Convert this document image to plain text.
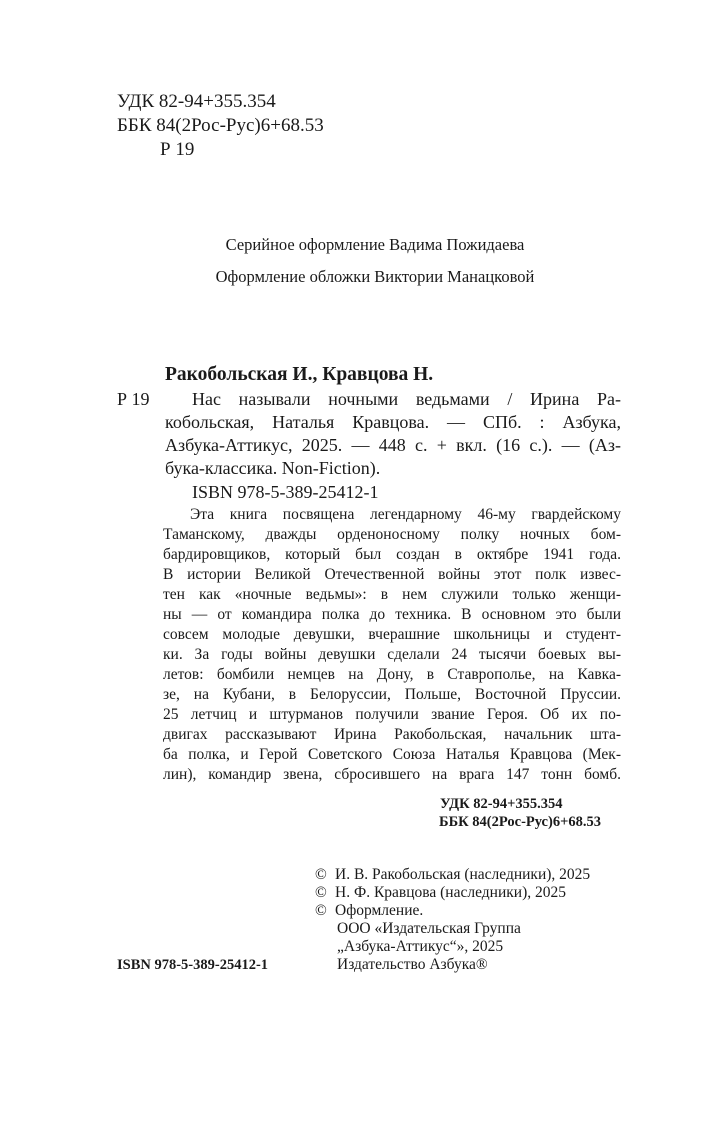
УДК 82-94+355.354
ББК 84(2Рос-Рус)6+68.53
Р 19
Серийное оформление Вадима Пожидаева
Оформление обложки Виктории Манацковой
Ракобольская И., Кравцова Н.
Р 19 Нас называли ночными ведьмами / Ирина Ра-
кобольская, Наталья Кравцова. — СПб. : Азбука,
Азбука-Аттикус, 2025. — 448 с. + вкл. (16 с.). — (Аз-
бука-классика. Non-Fiction).
ISBN 978-5-389-25412-1
Эта книга посвящена легендарному 46-му гвардейскому
Таманскому, дважды орденоносному полку ночных бом-
бардировщиков, который был создан в октябре 1941 года.
В истории Великой Отечественной войны этот полк извес-
тен как «ночные ведьмы»: в нем служили только женщи-
ны — от командира полка до техника. В основном это были
совсем молодые девушки, вчерашние школьницы и студент-
ки. За годы войны девушки сделали 24 тысячи боевых вы-
летов: бомбили немцев на Дону, в Ставрополье, на Кавка-
зе, на Кубани, в Белоруссии, Польше, Восточной Пруссии.
25 летчиц и штурманов получили звание Героя. Об их по-
двигах рассказывают Ирина Ракобольская, начальник шта-
ба полка, и Герой Советского Союза Наталья Кравцова (Мек-
лин), командир звена, сбросившего на врага 147 тонн бомб.
УДК 82-94+355.354
ББК 84(2Рос-Рус)6+68.53
© И. В. Ракобольская (наследники), 2025
© Н. Ф. Кравцова (наследники), 2025
© Оформление.
ООО «Издательская Группа
„Азбука-Аттикус“», 2025
Издательство Азбука®
ISBN 978-5-389-25412-1
